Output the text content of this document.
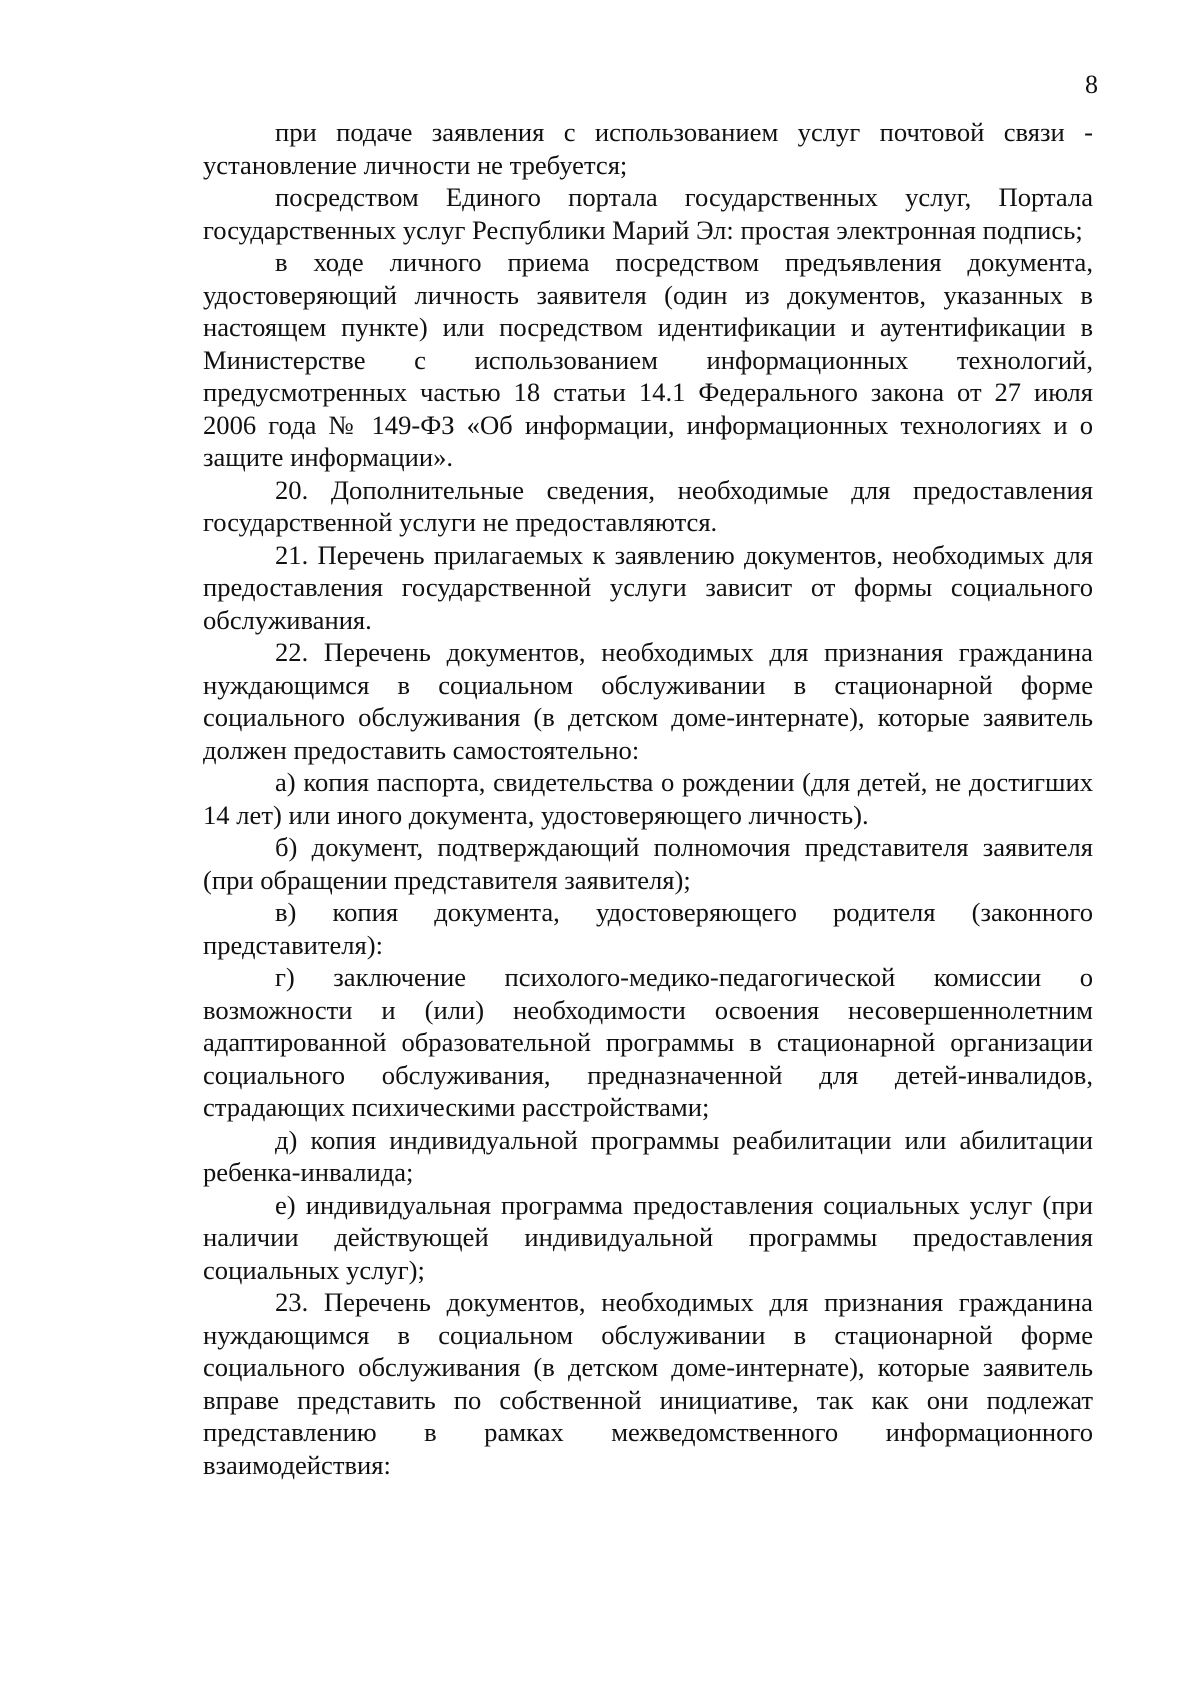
8

при подаче заявления с использованием услуг почтовой связи - установление личности не требуется;

посредством Единого портала государственных услуг, Портала государственных услуг Республики Марий Эл: простая электронная подпись;

в ходе личного приема посредством предъявления документа, удостоверяющий личность заявителя (один из документов, указанных в настоящем пункте) или посредством идентификации и аутентификации в Министерстве с использованием информационных технологий, предусмотренных частью 18 статьи 14.1 Федерального закона от 27 июля 2006 года № 149-ФЗ «Об информации, информационных технологиях и о защите информации».

20. Дополнительные сведения, необходимые для предоставления государственной услуги не предоставляются.

21. Перечень прилагаемых к заявлению документов, необходимых для предоставления государственной услуги зависит от формы социального обслуживания.

22. Перечень документов, необходимых для признания гражданина нуждающимся в социальном обслуживании в стационарной форме социального обслуживания (в детском доме-интернате), которые заявитель должен предоставить самостоятельно:

а) копия паспорта, свидетельства о рождении (для детей, не достигших 14 лет) или иного документа, удостоверяющего личность).

б) документ, подтверждающий полномочия представителя заявителя (при обращении представителя заявителя);

в) копия документа, удостоверяющего родителя (законного представителя):

г) заключение психолого-медико-педагогической комиссии о возможности и (или) необходимости освоения несовершеннолетним адаптированной образовательной программы в стационарной организации социального обслуживания, предназначенной для детей-инвалидов, страдающих психическими расстройствами;

д) копия индивидуальной программы реабилитации или абилитации ребенка-инвалида;

е) индивидуальная программа предоставления социальных услуг (при наличии действующей индивидуальной программы предоставления социальных услуг);

23. Перечень документов, необходимых для признания гражданина нуждающимся в социальном обслуживании в стационарной форме социального обслуживания (в детском доме-интернате), которые заявитель вправе представить по собственной инициативе, так как они подлежат представлению в рамках межведомственного информационного взаимодействия:
